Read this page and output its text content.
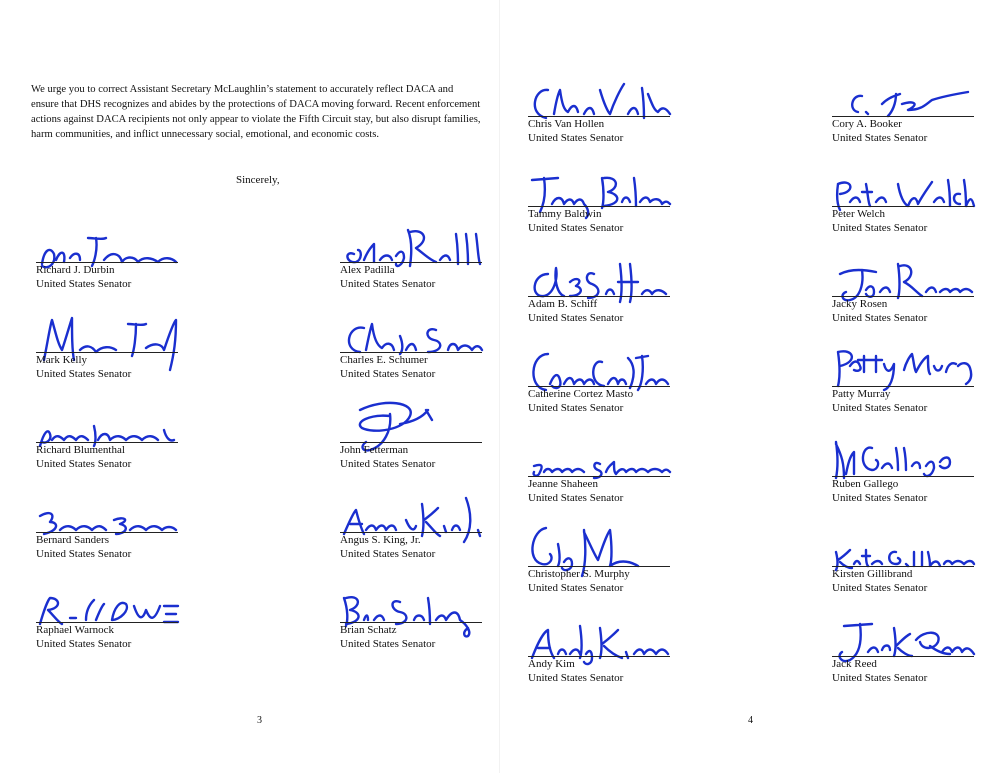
We urge you to correct Assistant Secretary McLaughlin’s statement to accurately reflect DACA and ensure that DHS recognizes and abides by the protections of DACA moving forward. Recent enforcement actions against DACA recipients not only appear to violate the Fifth Circuit stay, but also disrupt families, harm communities, and inflict unnecessary social, emotional, and economic costs.

Sincerely,
Richard J. Durbin
United States Senator
Mark Kelly
United States Senator
Richard Blumenthal
United States Senator
Bernard Sanders
United States Senator
Raphael Warnock
United States Senator
Alex Padilla
United States Senator
Charles E. Schumer
United States Senator
John Fetterman
United States Senator
Angus S. King, Jr.
United States Senator
Brian Schatz
United States Senator
3
Chris Van Hollen
United States Senator
Tammy Baldwin
United States Senator
Adam B. Schiff
United States Senator
Catherine Cortez Masto
United States Senator
Jeanne Shaheen
United States Senator
Christopher S. Murphy
United States Senator
Andy Kim
United States Senator
Cory A. Booker
United States Senator
Peter Welch
United States Senator
Jacky Rosen
United States Senator
Patty Murray
United States Senator
Ruben Gallego
United States Senator
Kirsten Gillibrand
United States Senator
Jack Reed
United States Senator
4
